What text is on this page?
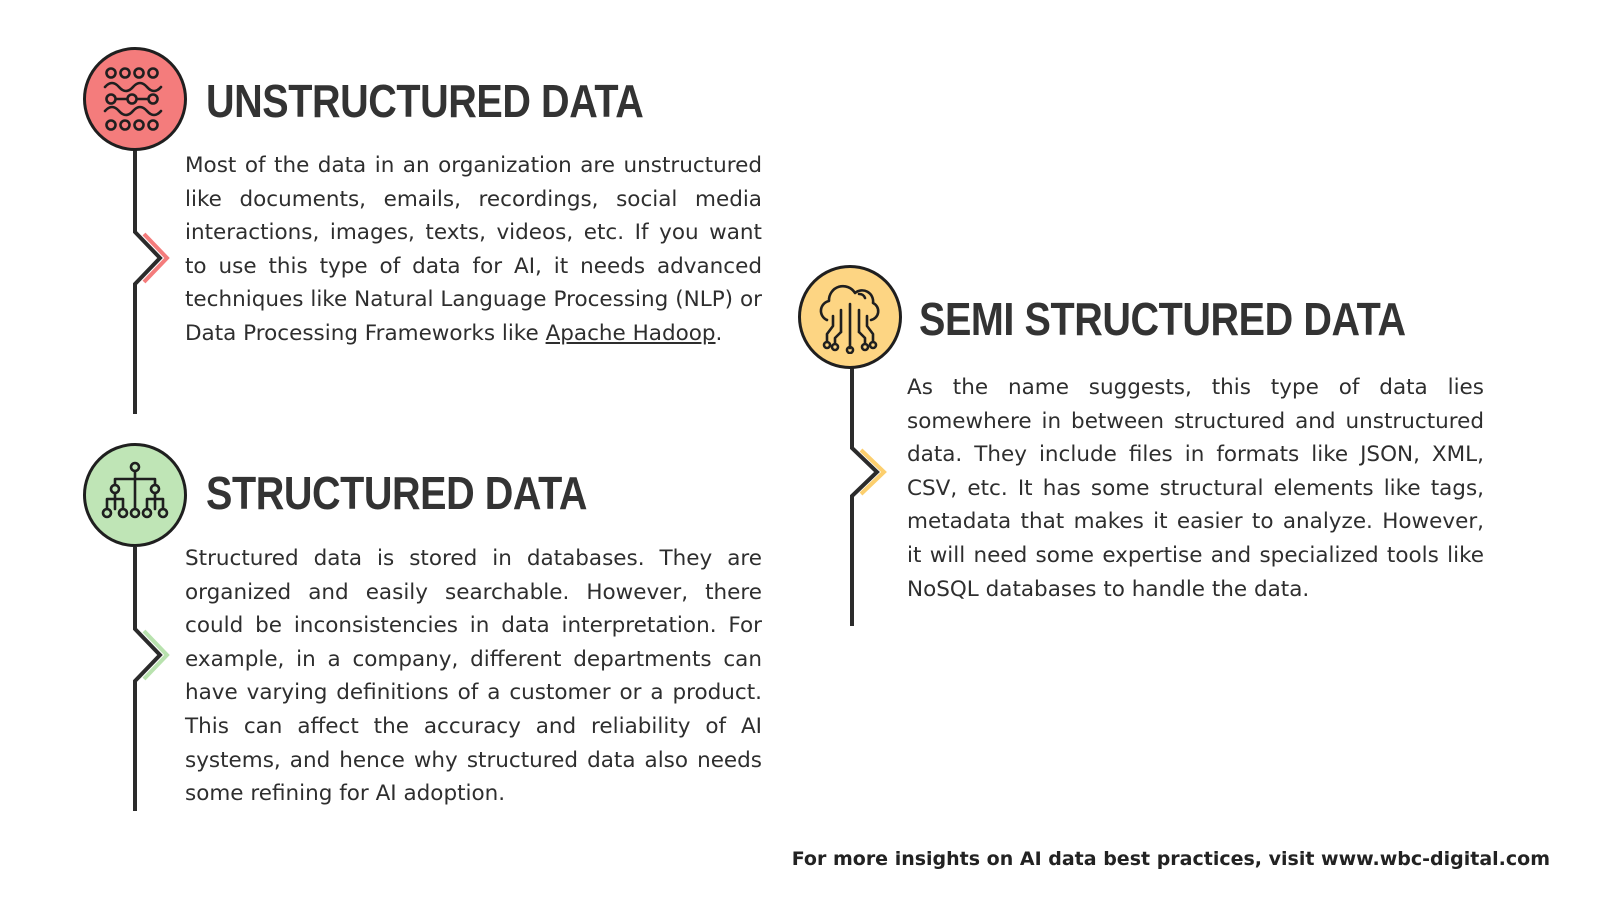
UNSTRUCTURED DATA

Most of the data in an organization are unstructured like documents, emails, recordings, social media interactions, images, texts, videos, etc. If you want to use this type of data for AI, it needs advanced techniques like Natural Language Processing (NLP) or Data Processing Frameworks like Apache Hadoop.

STRUCTURED DATA

Structured data is stored in databases. They are organized and easily searchable. However, there could be inconsistencies in data interpretation. For example, in a company, different departments can have varying definitions of a customer or a product. This can affect the accuracy and reliability of AI systems, and hence why structured data also needs some refining for AI adoption.

SEMI STRUCTURED DATA

As the name suggests, this type of data lies somewhere in between structured and unstructured data. They include files in formats like JSON, XML, CSV, etc. It has some structural elements like tags, metadata that makes it easier to analyze. However, it will need some expertise and specialized tools like NoSQL databases to handle the data.

For more insights on AI data best practices, visit www.wbc-digital.com
